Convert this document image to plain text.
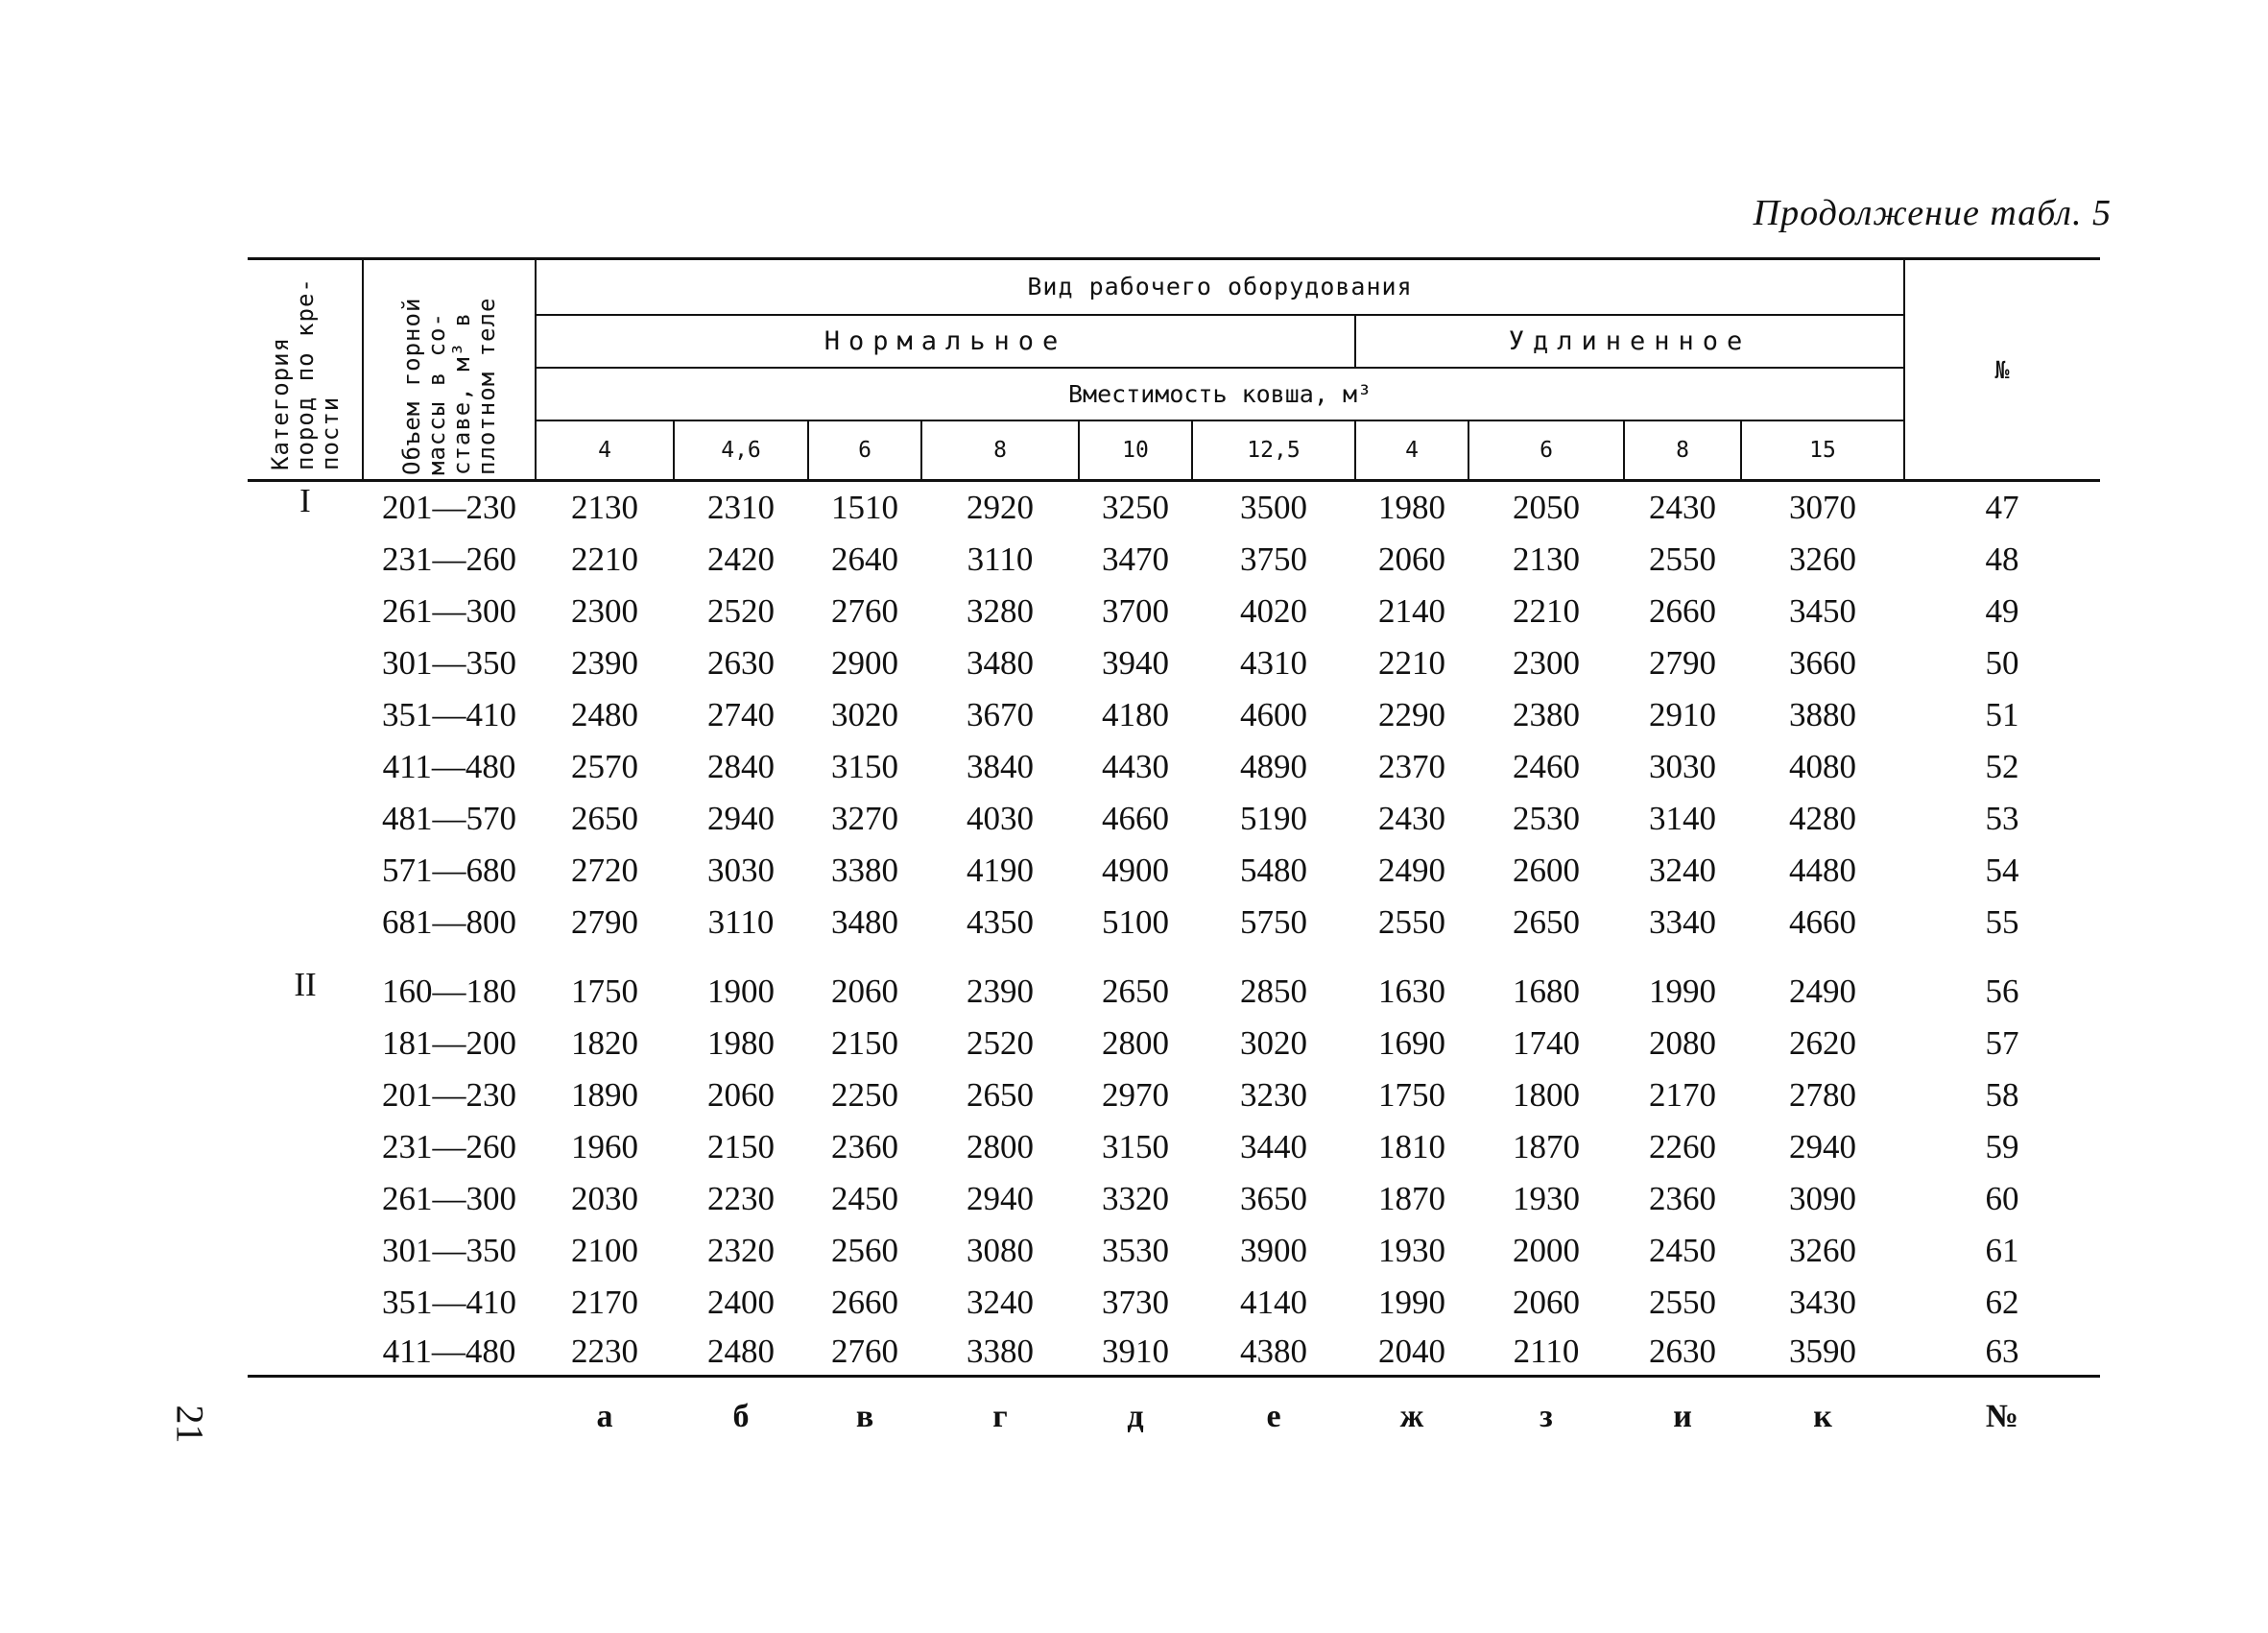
Продолжение табл. 5
Категория пород по кре- пости	Объем горной массы в со- ставе, м³ в плотном теле	Вид рабочего оборудования										№
		Нормальное						Удлиненное				
		Вместимость ковша, м³										
		4	4,6	6	8	10	12,5	4	6	8	15	
I	201—230	2130	2310	1510	2920	3250	3500	1980	2050	2430	3070	47
	231—260	2210	2420	2640	3110	3470	3750	2060	2130	2550	3260	48
	261—300	2300	2520	2760	3280	3700	4020	2140	2210	2660	3450	49
	301—350	2390	2630	2900	3480	3940	4310	2210	2300	2790	3660	50
	351—410	2480	2740	3020	3670	4180	4600	2290	2380	2910	3880	51
	411—480	2570	2840	3150	3840	4430	4890	2370	2460	3030	4080	52
	481—570	2650	2940	3270	4030	4660	5190	2430	2530	3140	4280	53
	571—680	2720	3030	3380	4190	4900	5480	2490	2600	3240	4480	54
	681—800	2790	3110	3480	4350	5100	5750	2550	2650	3340	4660	55

II	160—180	1750	1900	2060	2390	2650	2850	1630	1680	1990	2490	56
	181—200	1820	1980	2150	2520	2800	3020	1690	1740	2080	2620	57
	201—230	1890	2060	2250	2650	2970	3230	1750	1800	2170	2780	58
	231—260	1960	2150	2360	2800	3150	3440	1810	1870	2260	2940	59
	261—300	2030	2230	2450	2940	3320	3650	1870	1930	2360	3090	60
	301—350	2100	2320	2560	3080	3530	3900	1930	2000	2450	3260	61
	351—410	2170	2400	2660	3240	3730	4140	1990	2060	2550	3430	62
	411—480	2230	2480	2760	3380	3910	4380	2040	2110	2630	3590	63
		а	б	в	г	д	е	ж	з	и	к	№
21
